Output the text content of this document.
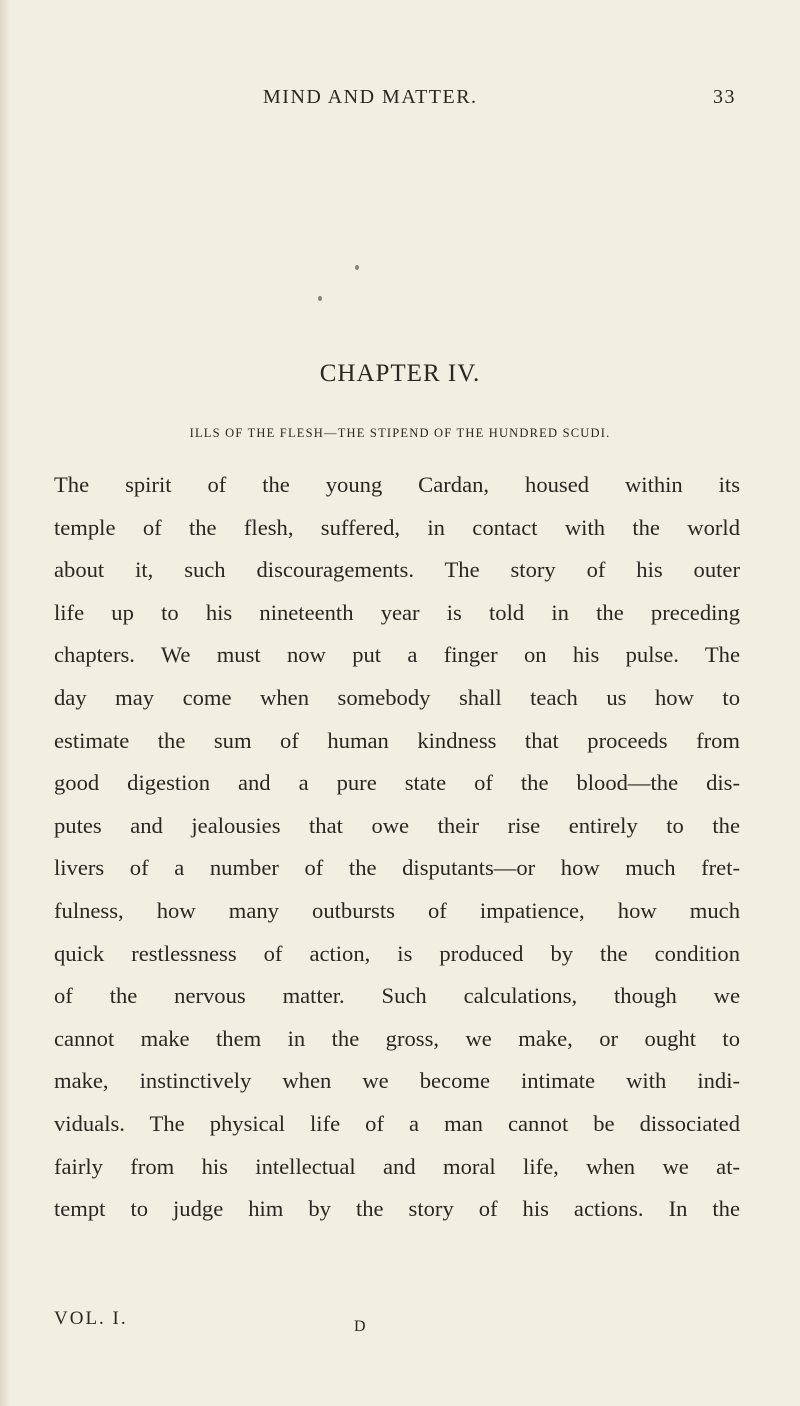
MIND AND MATTER.	33
CHAPTER IV.
ILLS OF THE FLESH—THE STIPEND OF THE HUNDRED SCUDI.
The spirit of the young Cardan, housed within its
temple of the flesh, suffered, in contact with the world
about it, such discouragements. The story of his outer
life up to his nineteenth year is told in the preceding
chapters. We must now put a finger on his pulse. The
day may come when somebody shall teach us how to
estimate the sum of human kindness that proceeds from
good digestion and a pure state of the blood—the dis-
putes and jealousies that owe their rise entirely to the
livers of a number of the disputants—or how much fret-
fulness, how many outbursts of impatience, how much
quick restlessness of action, is produced by the condition
of the nervous matter. Such calculations, though we
cannot make them in the gross, we make, or ought to
make, instinctively when we become intimate with indi-
viduals. The physical life of a man cannot be dissociated
fairly from his intellectual and moral life, when we at-
tempt to judge him by the story of his actions. In the
VOL. I.	D
